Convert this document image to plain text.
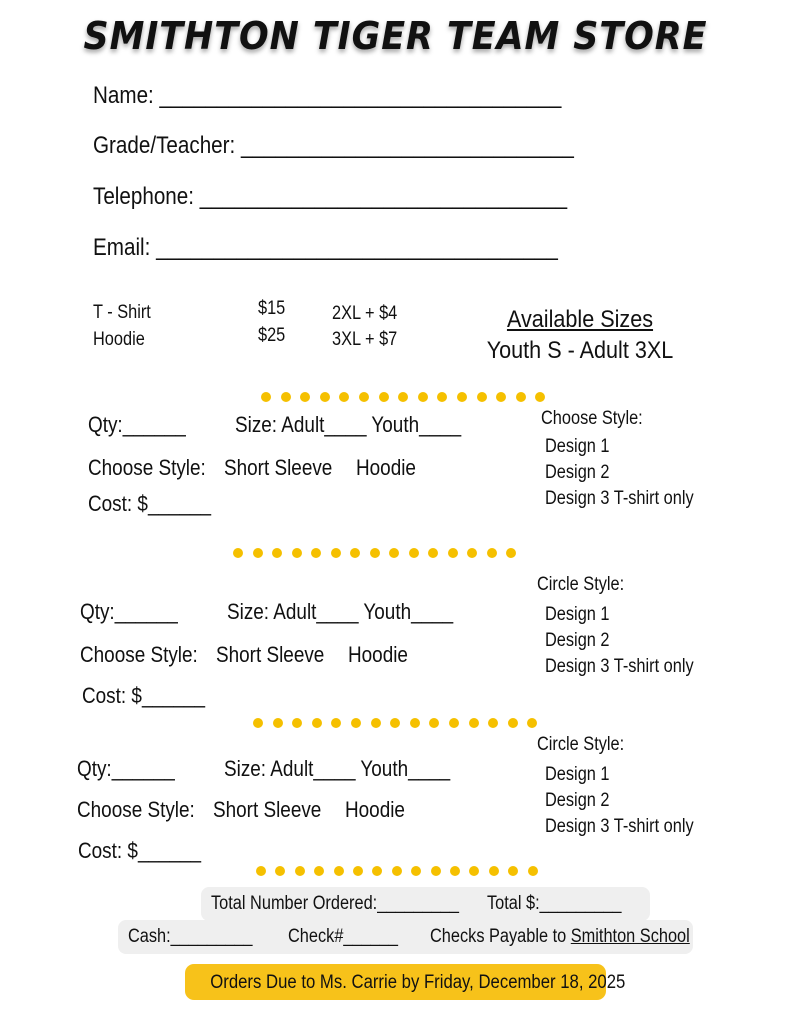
SMITHTON TIGER TEAM STORE
Name: ___________________________________
Grade/Teacher: _____________________________
Telephone: ________________________________
Email: ___________________________________
T - Shirt
Hoodie
$15
$25
2XL + $4
3XL + $7
Available Sizes
Youth S - Adult 3XL
Qty:______ Size: Adult____ Youth____
Choose Style: Short Sleeve Hoodie
Cost: $______
Choose Style:
Design 1
Design 2
Design 3 T-shirt only
Circle Style:
Qty:______ Size: Adult____ Youth____	Design 1
Design 2
Design 3 T-shirt only
Choose Style: Short Sleeve Hoodie
Cost: $______
Circle Style:
Qty:______ Size: Adult____ Youth____	Design 1
Design 2
Design 3 T-shirt only
Choose Style: Short Sleeve Hoodie
Cost: $______
Total Number Ordered:_________ Total $:_________
Cash:_________ Check#______ Checks Payable to Smithton School
Orders Due to Ms. Carrie by Friday, December 18, 2025
